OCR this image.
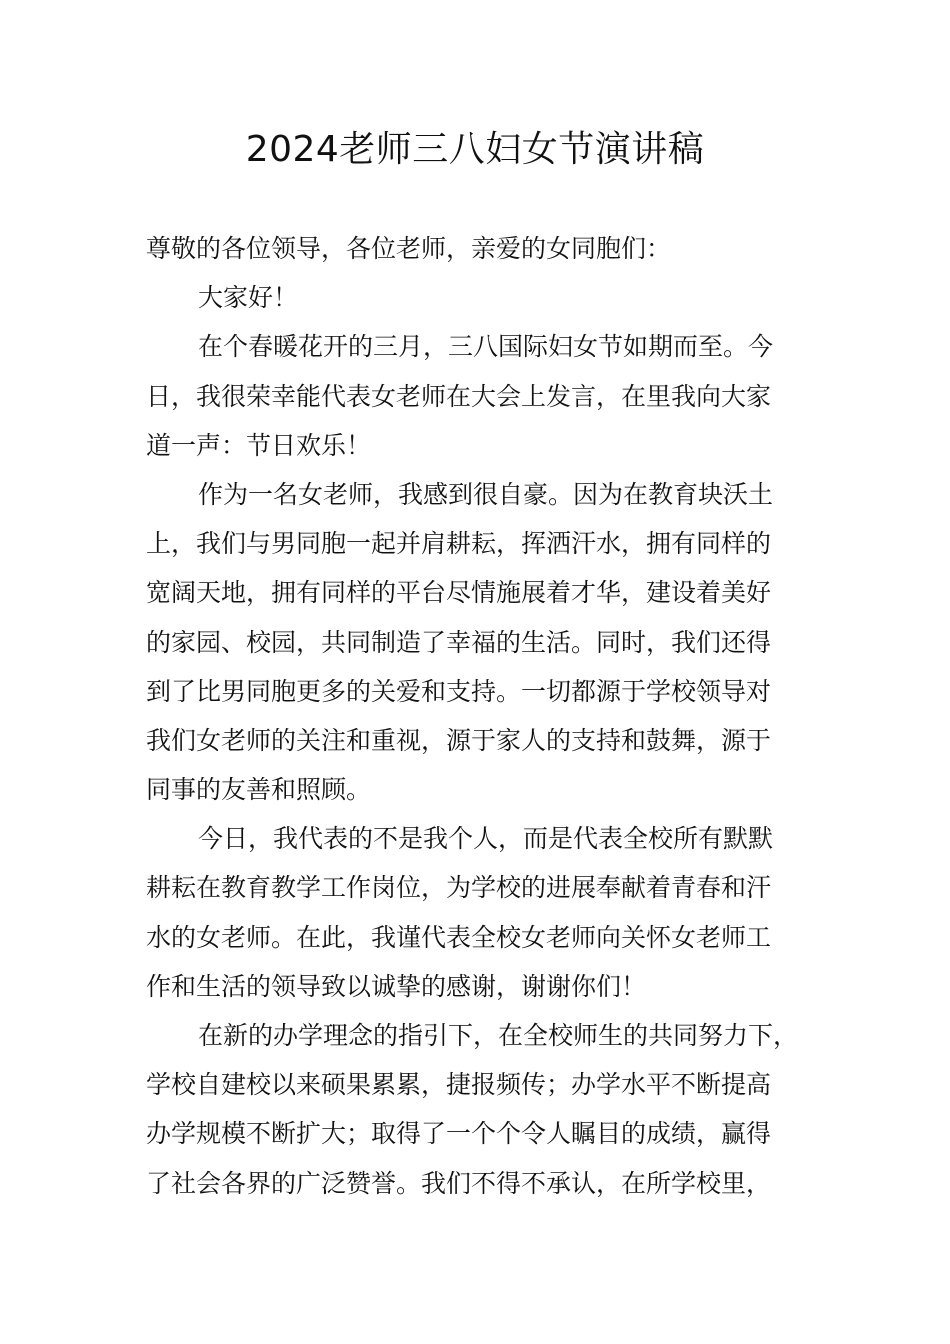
2024老师三八妇女节演讲稿
尊敬的各位领导，各位老师，亲爱的女同胞们：
大家好！
在个春暖花开的三月，三八国际妇女节如期而至。今
日，我很荣幸能代表女老师在大会上发言，在里我向大家
道一声：节日欢乐！
作为一名女老师，我感到很自豪。因为在教育块沃土
上，我们与男同胞一起并肩耕耘，挥洒汗水，拥有同样的
宽阔天地，拥有同样的平台尽情施展着才华，建设着美好
的家园、校园，共同制造了幸福的生活。同时，我们还得
到了比男同胞更多的关爱和支持。一切都源于学校领导对
我们女老师的关注和重视，源于家人的支持和鼓舞，源于
同事的友善和照顾。
今日，我代表的不是我个人，而是代表全校所有默默
耕耘在教育教学工作岗位，为学校的进展奉献着青春和汗
水的女老师。在此，我谨代表全校女老师向关怀女老师工
作和生活的领导致以诚挚的感谢，谢谢你们！
在新的办学理念的指引下，在全校师生的共同努力下，
学校自建校以来硕果累累，捷报频传；办学水平不断提高
办学规模不断扩大；取得了一个个令人瞩目的成绩，赢得
了社会各界的广泛赞誉。我们不得不承认，在所学校里，
